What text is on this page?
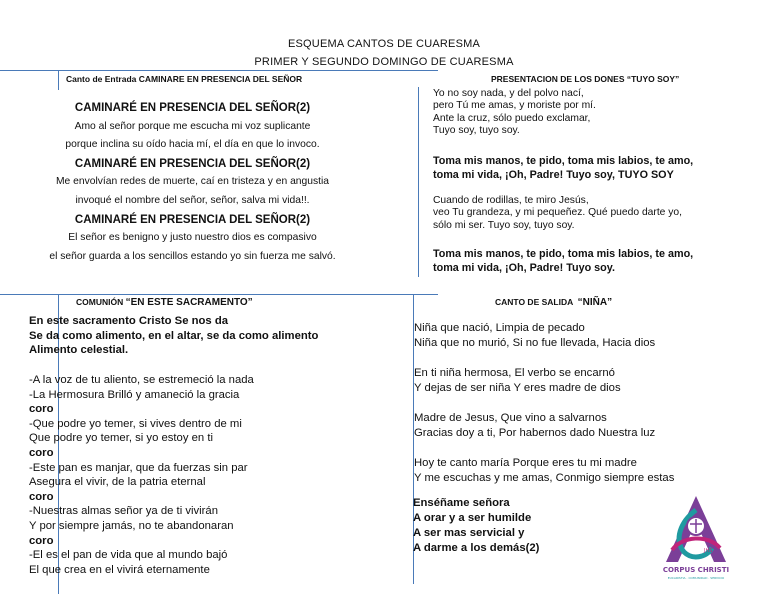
ESQUEMA CANTOS DE CUARESMA
PRIMER Y SEGUNDO DOMINGO DE CUARESMA
Canto de Entrada CAMINARE EN PRESENCIA DEL SEÑOR
CAMINARÉ EN PRESENCIA DEL SEÑOR(2)
Amo al señor porque me escucha mi voz suplicante
porque inclina su oído hacia mí, el día en que lo invoco.
CAMINARÉ EN PRESENCIA DEL SEÑOR(2)
Me envolvían redes de muerte, caí en tristeza y en angustia
invoqué el nombre del señor, señor, salva mi vida!!.
CAMINARÉ EN PRESENCIA DEL SEÑOR(2)
El señor es benigno y justo nuestro dios es compasivo
el señor guarda a los sencillos estando yo sin fuerza me salvó.
PRESENTACION DE LOS DONES “TUYO SOY”
Yo no soy nada, y del polvo nací,
pero Tú me amas, y moriste por mí.
Ante la cruz, sólo puedo exclamar,
Tuyo soy, tuyo soy.
Toma mis manos, te pido, toma mis labios, te amo,
toma mi vida, ¡Oh, Padre! Tuyo soy, TUYO SOY
Cuando de rodillas, te miro Jesús,
veo Tu grandeza, y mi pequeñez. Qué puedo darte yo,
sólo mi ser. Tuyo soy, tuyo soy.
Toma mis manos, te pido, toma mis labios, te amo,
toma mi vida, ¡Oh, Padre! Tuyo soy.
COMUNIÓN “EN ESTE SACRAMENTO”
En este sacramento Cristo Se nos da
Se da como alimento, en el altar, se da como alimento
Alimento celestial.
-A la voz de tu aliento, se estremeció la nada
-La Hermosura Brilló y amaneció la gracia
coro
-Que podre yo temer, si vives dentro de mi
Que podre yo temer, si yo estoy en ti
coro
-Este pan es manjar, que da fuerzas sin par
Asegura el vivir, de la patria eternal
coro
-Nuestras almas señor ya de ti vivirán
Y por siempre jamás, no te abandonaran
coro
-El es el pan de vida que al mundo bajó
El que crea en el vivirá eternamente
CANTO DE SALIDA “NIÑA”
Niña que nació, Limpia de pecado
Niña que no murió, Si no fue llevada, Hacia dios
En ti niña hermosa, El verbo se encarnó
Y dejas de ser niña Y eres madre de dios
Madre de Jesus, Que vino a salvarnos
Gracias doy a ti, Por habernos dado Nuestra luz
Hoy te canto maría Porque eres tu mi madre
Y me escuchas y me amas, Conmigo siempre estas
Enséñame señora
A orar y a ser humilde
A ser mas servicial y
A darme a los demás(2)	JHS
CORPUS CHRISTI
EUCARISTIA · COMUNIDAD · SERVICIO
